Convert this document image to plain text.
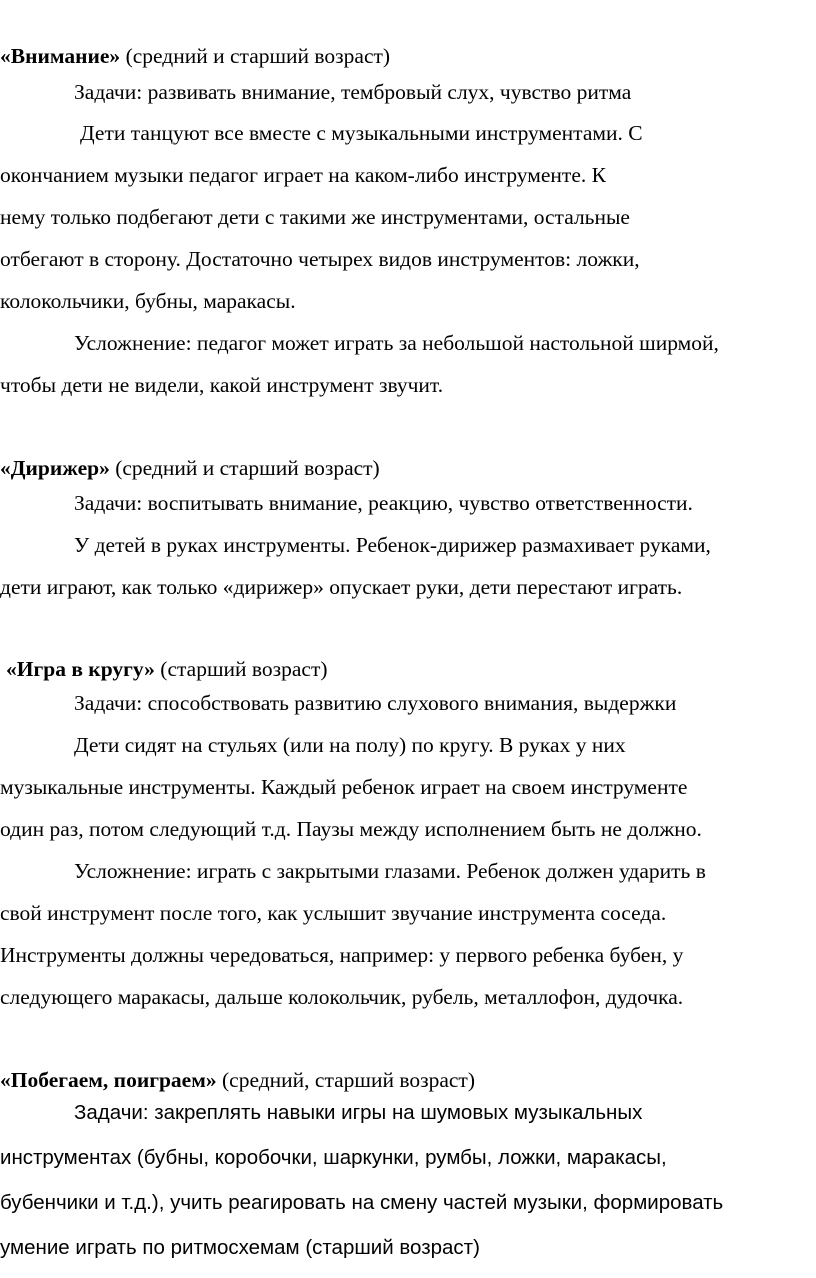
«Внимание» (средний и старший возраст)
Задачи: развивать внимание, тембровый слух, чувство ритма
Дети танцуют все вместе с музыкальными инструментами. С
окончанием музыки педагог играет на каком-либо инструменте. К
нему только подбегают дети с такими же инструментами, остальные
отбегают в сторону. Достаточно четырех видов инструментов: ложки,
колокольчики, бубны, маракасы.
Усложнение: педагог может играть за небольшой настольной ширмой,
чтобы дети не видели, какой инструмент звучит.
«Дирижер» (средний и старший возраст)
Задачи: воспитывать внимание, реакцию, чувство ответственности.
У детей в руках инструменты. Ребенок-дирижер размахивает руками,
дети играют, как только «дирижер» опускает руки, дети перестают играть.
«Игра в кругу» (старший возраст)
Задачи: способствовать развитию слухового внимания, выдержки
Дети сидят на стульях (или на полу) по кругу. В руках у них
музыкальные инструменты. Каждый ребенок играет на своем инструменте
один раз, потом следующий т.д. Паузы между исполнением быть не должно.
Усложнение: играть с закрытыми глазами. Ребенок должен ударить в
свой инструмент после того, как услышит звучание инструмента соседа.
Инструменты должны чередоваться, например: у первого ребенка бубен, у
следующего маракасы, дальше колокольчик, рубель, металлофон, дудочка.
«Побегаем, поиграем» (средний, старший возраст)
Задачи: закреплять навыки игры на шумовых музыкальных
инструментах (бубны, коробочки, шаркунки, румбы, ложки, маракасы,
бубенчики и т.д.), учить реагировать на смену частей музыки, формировать
умение играть по ритмосхемам (старший возраст)
